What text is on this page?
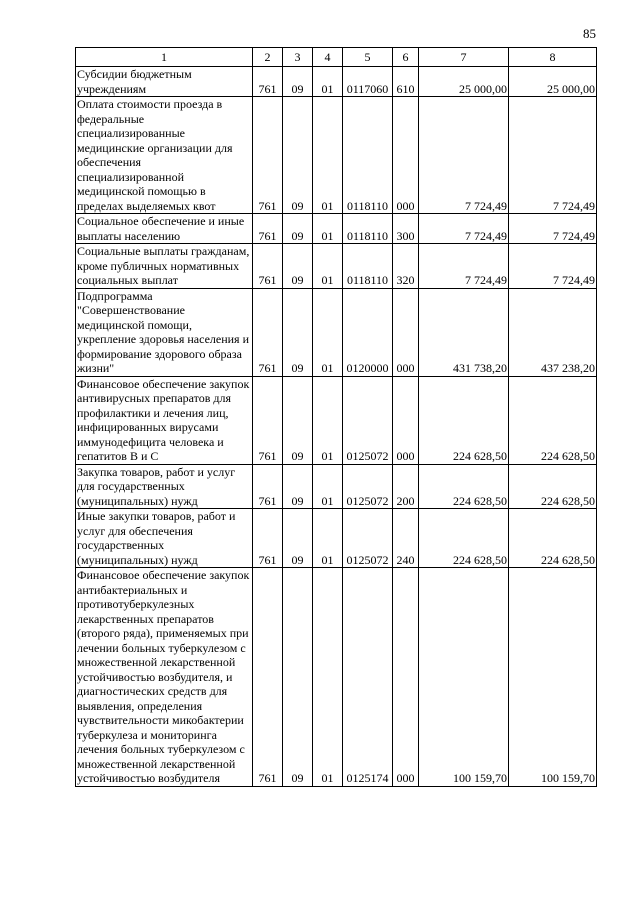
85
1	2	3	4	5	6	7	8
Субсидии бюджетным учреждениям	761	09	01	0117060	610	25 000,00	25 000,00
Оплата стоимости проезда в федеральные специализированные медицинские организации для обеспечения специализированной медицинской помощью в пределах выделяемых квот	761	09	01	0118110	000	7 724,49	7 724,49
Социальное обеспечение и иные выплаты населению	761	09	01	0118110	300	7 724,49	7 724,49
Социальные выплаты гражданам, кроме публичных нормативных социальных выплат	761	09	01	0118110	320	7 724,49	7 724,49
Подпрограмма "Совершенствование медицинской помощи, укрепление здоровья населения и формирование здорового образа жизни"	761	09	01	0120000	000	431 738,20	437 238,20
Финансовое обеспечение закупок антивирусных препаратов для профилактики и лечения лиц, инфицированных вирусами иммунодефицита человека и гепатитов В и С	761	09	01	0125072	000	224 628,50	224 628,50
Закупка товаров, работ и услуг для государственных (муниципальных) нужд	761	09	01	0125072	200	224 628,50	224 628,50
Иные закупки товаров, работ и услуг для обеспечения государственных (муниципальных) нужд	761	09	01	0125072	240	224 628,50	224 628,50
Финансовое обеспечение закупок антибактериальных и противотуберкулезных лекарственных препаратов (второго ряда), применяемых при лечении больных туберкулезом с множественной лекарственной устойчивостью возбудителя, и диагностических средств для выявления, определения чувствительности микобактерии туберкулеза и мониторинга лечения больных туберкулезом с множественной лекарственной устойчивостью возбудителя	761	09	01	0125174	000	100 159,70	100 159,70
